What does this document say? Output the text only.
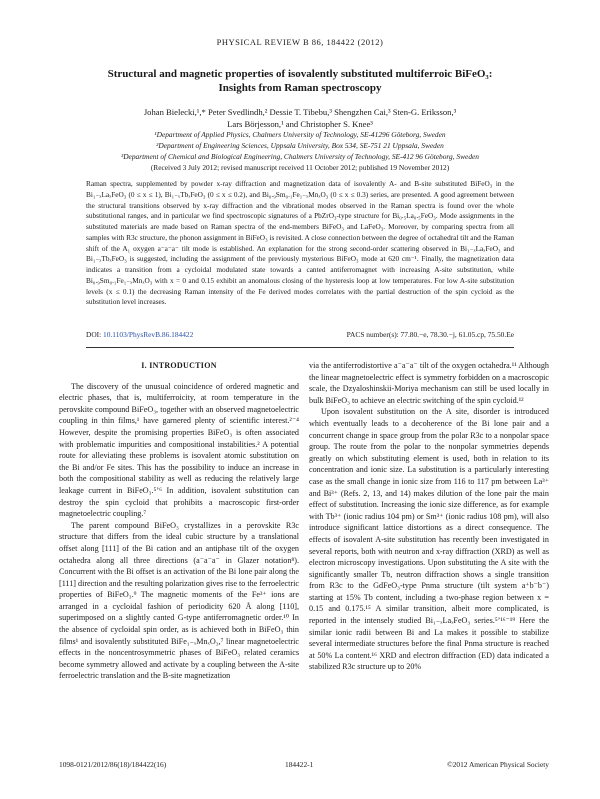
PHYSICAL REVIEW B 86, 184422 (2012)
Structural and magnetic properties of isovalently substituted multiferroic BiFeO₃:
Insights from Raman spectroscopy
Johan Bielecki,¹,* Peter Svedlindh,² Dessie T. Tibebu,³ Shengzhen Cai,³ Sten-G. Eriksson,³
Lars Börjesson,¹ and Christopher S. Knee³
¹Department of Applied Physics, Chalmers University of Technology, SE-41296 Göteborg, Sweden
²Department of Engineering Sciences, Uppsala University, Box 534, SE-751 21 Uppsala, Sweden
³Department of Chemical and Biological Engineering, Chalmers University of Technology, SE-412 96 Göteborg, Sweden
(Received 3 July 2012; revised manuscript received 11 October 2012; published 19 November 2012)
Raman spectra, supplemented by powder x-ray diffraction and magnetization data of isovalently A- and B-site substituted BiFeO₃ in the Bi₁₋ₓLaₓFeO₃ (0 ≤ x ≤ 1), Bi₁₋ₓTbₓFeO₃ (0 ≤ x ≤ 0.2), and Bi₀.₉Sm₀.₁Fe₁₋ₓMnₓO₃ (0 ≤ x ≤ 0.3) series, are presented. A good agreement between the structural transitions observed by x-ray diffraction and the vibrational modes observed in the Raman spectra is found over the whole substitutional ranges, and in particular we find spectroscopic signatures of a PbZrO₃-type structure for Bi₀.₅La₀.₅FeO₃. Mode assignments in the substituted materials are made based on Raman spectra of the end-members BiFeO₃ and LaFeO₃. Moreover, by comparing spectra from all samples with R3c structure, the phonon assignment in BiFeO₃ is revisited. A close connection between the degree of octahedral tilt and the Raman shift of the A₁ oxygen a⁻a⁻a⁻ tilt mode is established. An explanation for the strong second-order scattering observed in Bi₁₋ₓLaₓFeO₃ and Bi₁₋ₓTbₓFeO₃ is suggested, including the assignment of the previously mysterious BiFeO₃ mode at 620 cm⁻¹. Finally, the magnetization data indicates a transition from a cycloidal modulated state towards a canted antiferromagnet with increasing A-site substitution, while Bi₀.₉Sm₀.₁Fe₁₋ₓMnₓO₃ with x = 0 and 0.15 exhibit an anomalous closing of the hysteresis loop at low temperatures. For low A-site substitution levels (x ≤ 0.1) the decreasing Raman intensity of the Fe derived modes correlates with the partial destruction of the spin cycloid as the substitution level increases.
DOI: 10.1103/PhysRevB.86.184422	PACS number(s): 77.80.−e, 78.30.−j, 61.05.cp, 75.50.Ee
I. INTRODUCTION

The discovery of the unusual coincidence of ordered magnetic and electric phases, that is, multiferroicity, at room temperature in the perovskite compound BiFeO₃, together with an observed magnetoelectric coupling in thin films,¹ have garnered plenty of scientific interest.²⁻⁴ However, despite the promising properties BiFeO₃ is often associated with problematic impurities and compositional instabilities.² A potential route for alleviating these problems is isovalent atomic substitution on the Bi and/or Fe sites. This has the possibility to induce an increase in both the compositional stability as well as reducing the relatively large leakage current in BiFeO₃.⁵ʼ⁶ In addition, isovalent substitution can destroy the spin cycloid that prohibits a macroscopic first-order magnetoelectric coupling.⁷

The parent compound BiFeO₃ crystallizes in a perovskite R3c structure that differs from the ideal cubic structure by a translational offset along [111] of the Bi cation and an antiphase tilt of the oxygen octahedra along all three directions (a⁻a⁻a⁻ in Glazer notation⁸). Concurrent with the Bi offset is an activation of the Bi lone pair along the [111] direction and the resulting polarization gives rise to the ferroelectric properties of BiFeO₃.⁹ The magnetic moments of the Fe³⁺ ions are arranged in a cycloidal fashion of periodicity 620 Å along [110], superimposed on a slightly canted G-type antiferromagnetic order.¹⁰ In the absence of cycloidal spin order, as is achieved both in BiFeO₃ thin films¹ and isovalently substituted BiFe₁₋ₓMnₓO₃,⁷ linear magnetoelectric effects in the noncentrosymmetric phases of BiFeO₃ related ceramics become symmetry allowed and activate by a coupling between the A-site ferroelectric translation and the B-site magnetization

via the antiferrodistortive a⁻a⁻a⁻ tilt of the oxygen octahedra.¹¹ Although the linear magnetoelectric effect is symmetry forbidden on a macroscopic scale, the Dzyaloshinskii-Moriya mechanism can still be used locally in bulk BiFeO₃ to achieve an electric switching of the spin cycloid.¹²

Upon isovalent substitution on the A site, disorder is introduced which eventually leads to a decoherence of the Bi lone pair and a concurrent change in space group from the polar R3c to a nonpolar space group. The route from the polar to the nonpolar symmetries depends greatly on which substituting element is used, both in relation to its concentration and ionic size. La substitution is a particularly interesting case as the small change in ionic size from 116 to 117 pm between La³⁺ and Bi³⁺ (Refs. 2, 13, and 14) makes dilution of the lone pair the main effect of substitution. Increasing the ionic size difference, as for example with Tb³⁺ (ionic radius 104 pm) or Sm³⁺ (ionic radius 108 pm), will also introduce significant lattice distortions as a direct consequence. The effects of isovalent A-site substitution has recently been investigated in several reports, both with neutron and x-ray diffraction (XRD) as well as electron microscopy investigations. Upon substituting the A site with the significantly smaller Tb, neutron diffraction shows a single transition from R3c to the GdFeO₃-type Pnma structure (tilt system a⁺b⁻b⁻) starting at 15% Tb content, including a two-phase region between x = 0.15 and 0.175.¹⁵ A similar transition, albeit more complicated, is reported in the intensely studied Bi₁₋ₓLaₓFeO₃ series.⁵ʼ¹⁶⁻¹⁹ Here the similar ionic radii between Bi and La makes it possible to stabilize several intermediate structures before the final Pnma structure is reached at 50% La content.¹⁶ XRD and electron diffraction (ED) data indicated a stabilized R3c structure up to 20%

1098-0121/2012/86(18)/184422(16)	184422-1	©2012 American Physical Society
